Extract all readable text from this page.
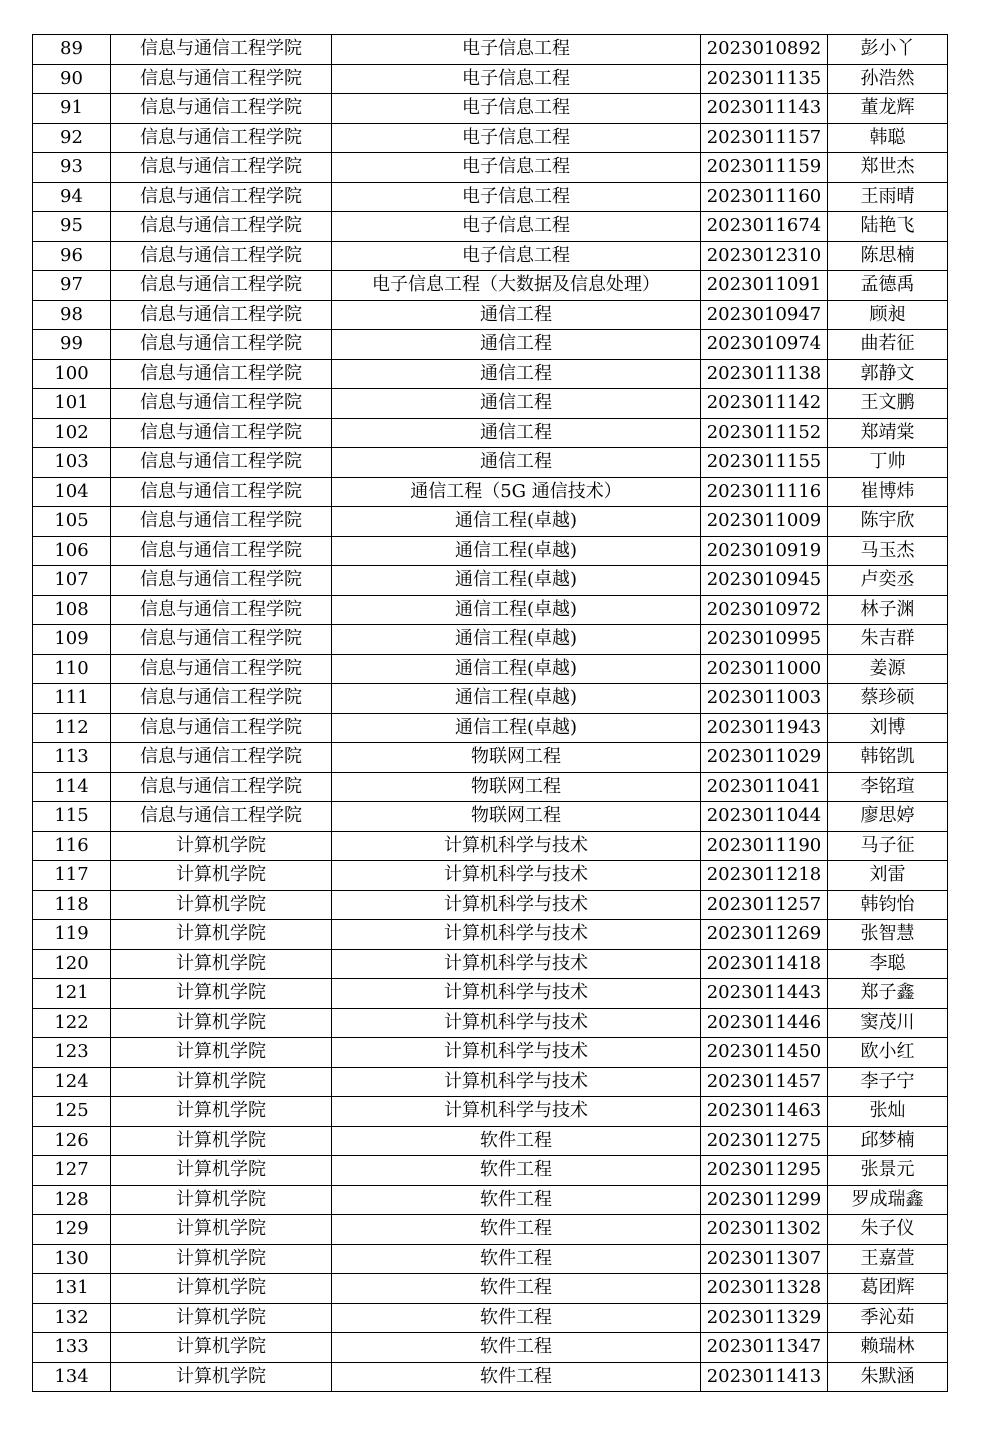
89	信息与通信工程学院	电子信息工程	2023010892	彭小丫
90	信息与通信工程学院	电子信息工程	2023011135	孙浩然
91	信息与通信工程学院	电子信息工程	2023011143	董龙辉
92	信息与通信工程学院	电子信息工程	2023011157	韩聪
93	信息与通信工程学院	电子信息工程	2023011159	郑世杰
94	信息与通信工程学院	电子信息工程	2023011160	王雨晴
95	信息与通信工程学院	电子信息工程	2023011674	陆艳飞
96	信息与通信工程学院	电子信息工程	2023012310	陈思楠
97	信息与通信工程学院	电子信息工程（大数据及信息处理）	2023011091	孟德禹
98	信息与通信工程学院	通信工程	2023010947	顾昶
99	信息与通信工程学院	通信工程	2023010974	曲若征
100	信息与通信工程学院	通信工程	2023011138	郭静文
101	信息与通信工程学院	通信工程	2023011142	王文鹏
102	信息与通信工程学院	通信工程	2023011152	郑靖棠
103	信息与通信工程学院	通信工程	2023011155	丁帅
104	信息与通信工程学院	通信工程（5G 通信技术）	2023011116	崔博炜
105	信息与通信工程学院	通信工程(卓越)	2023011009	陈宇欣
106	信息与通信工程学院	通信工程(卓越)	2023010919	马玉杰
107	信息与通信工程学院	通信工程(卓越)	2023010945	卢奕丞
108	信息与通信工程学院	通信工程(卓越)	2023010972	林子渊
109	信息与通信工程学院	通信工程(卓越)	2023010995	朱吉群
110	信息与通信工程学院	通信工程(卓越)	2023011000	姜源
111	信息与通信工程学院	通信工程(卓越)	2023011003	蔡珍硕
112	信息与通信工程学院	通信工程(卓越)	2023011943	刘博
113	信息与通信工程学院	物联网工程	2023011029	韩铭凯
114	信息与通信工程学院	物联网工程	2023011041	李铭瑄
115	信息与通信工程学院	物联网工程	2023011044	廖思婷
116	计算机学院	计算机科学与技术	2023011190	马子征
117	计算机学院	计算机科学与技术	2023011218	刘雷
118	计算机学院	计算机科学与技术	2023011257	韩钧怡
119	计算机学院	计算机科学与技术	2023011269	张智慧
120	计算机学院	计算机科学与技术	2023011418	李聪
121	计算机学院	计算机科学与技术	2023011443	郑子鑫
122	计算机学院	计算机科学与技术	2023011446	窦茂川
123	计算机学院	计算机科学与技术	2023011450	欧小红
124	计算机学院	计算机科学与技术	2023011457	李子宁
125	计算机学院	计算机科学与技术	2023011463	张灿
126	计算机学院	软件工程	2023011275	邱梦楠
127	计算机学院	软件工程	2023011295	张景元
128	计算机学院	软件工程	2023011299	罗成瑞鑫
129	计算机学院	软件工程	2023011302	朱子仪
130	计算机学院	软件工程	2023011307	王嘉萱
131	计算机学院	软件工程	2023011328	葛团辉
132	计算机学院	软件工程	2023011329	季沁茹
133	计算机学院	软件工程	2023011347	赖瑞林
134	计算机学院	软件工程	2023011413	朱默涵
